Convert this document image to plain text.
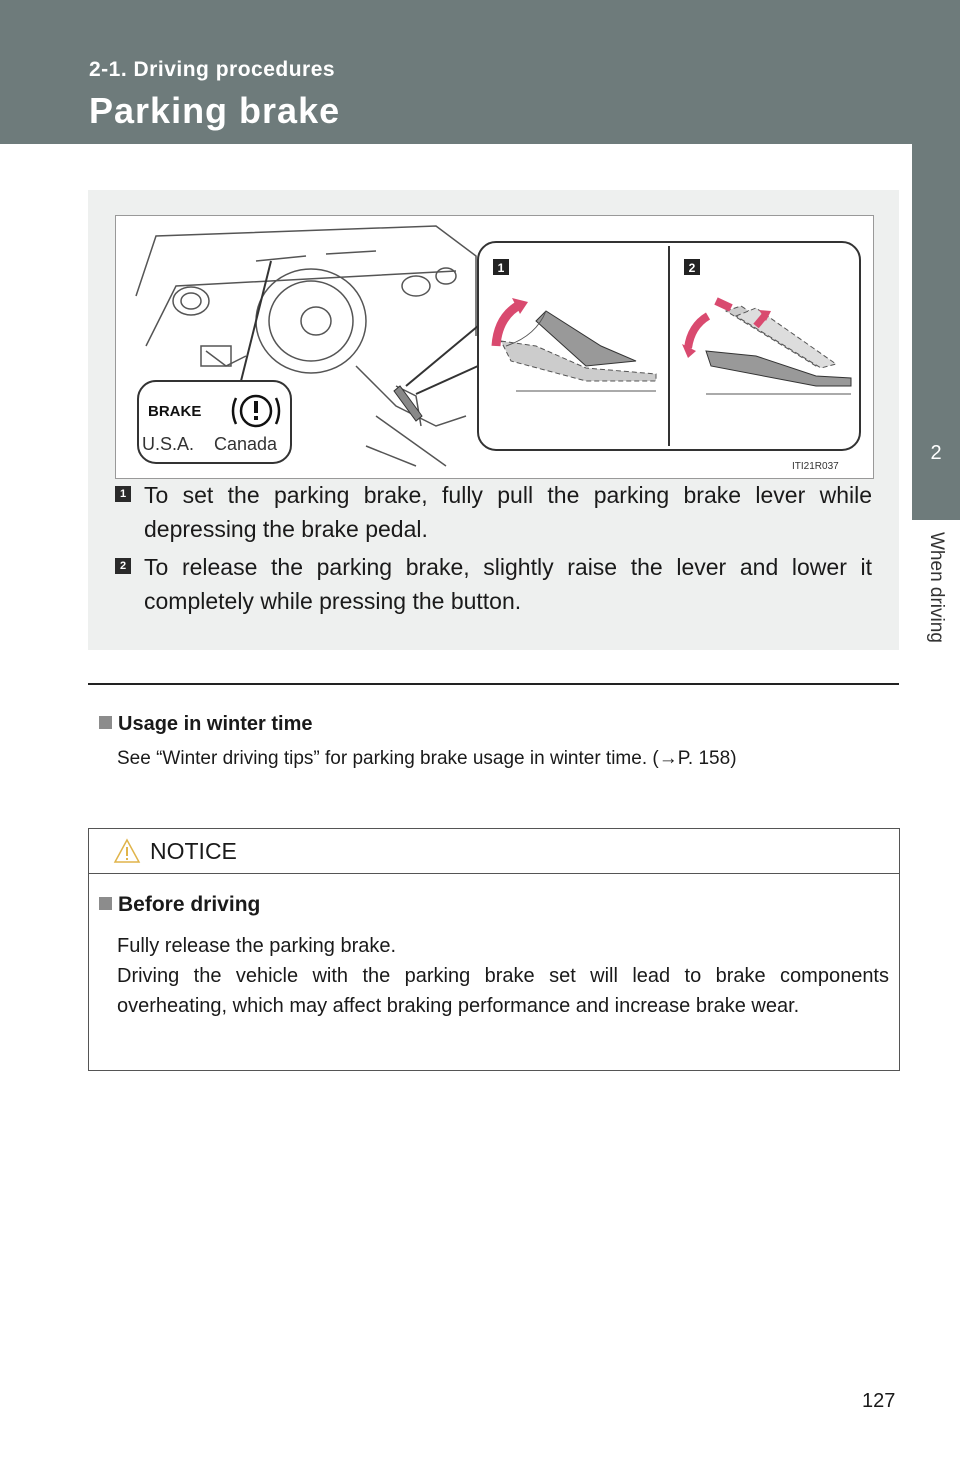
2-1. Driving procedures
Parking brake
2
When driving
BRAKE
U.S.A. Canada
1	2
ITI21R037
1 To set the parking brake, fully pull the parking brake lever while depressing the brake pedal.
2 To release the parking brake, slightly raise the lever and lower it completely while pressing the button.
Usage in winter time
See “Winter driving tips” for parking brake usage in winter time. (→P. 158)
NOTICE
Before driving
Fully release the parking brake.
Driving the vehicle with the parking brake set will lead to brake components overheating, which may affect braking performance and increase brake wear.
127
